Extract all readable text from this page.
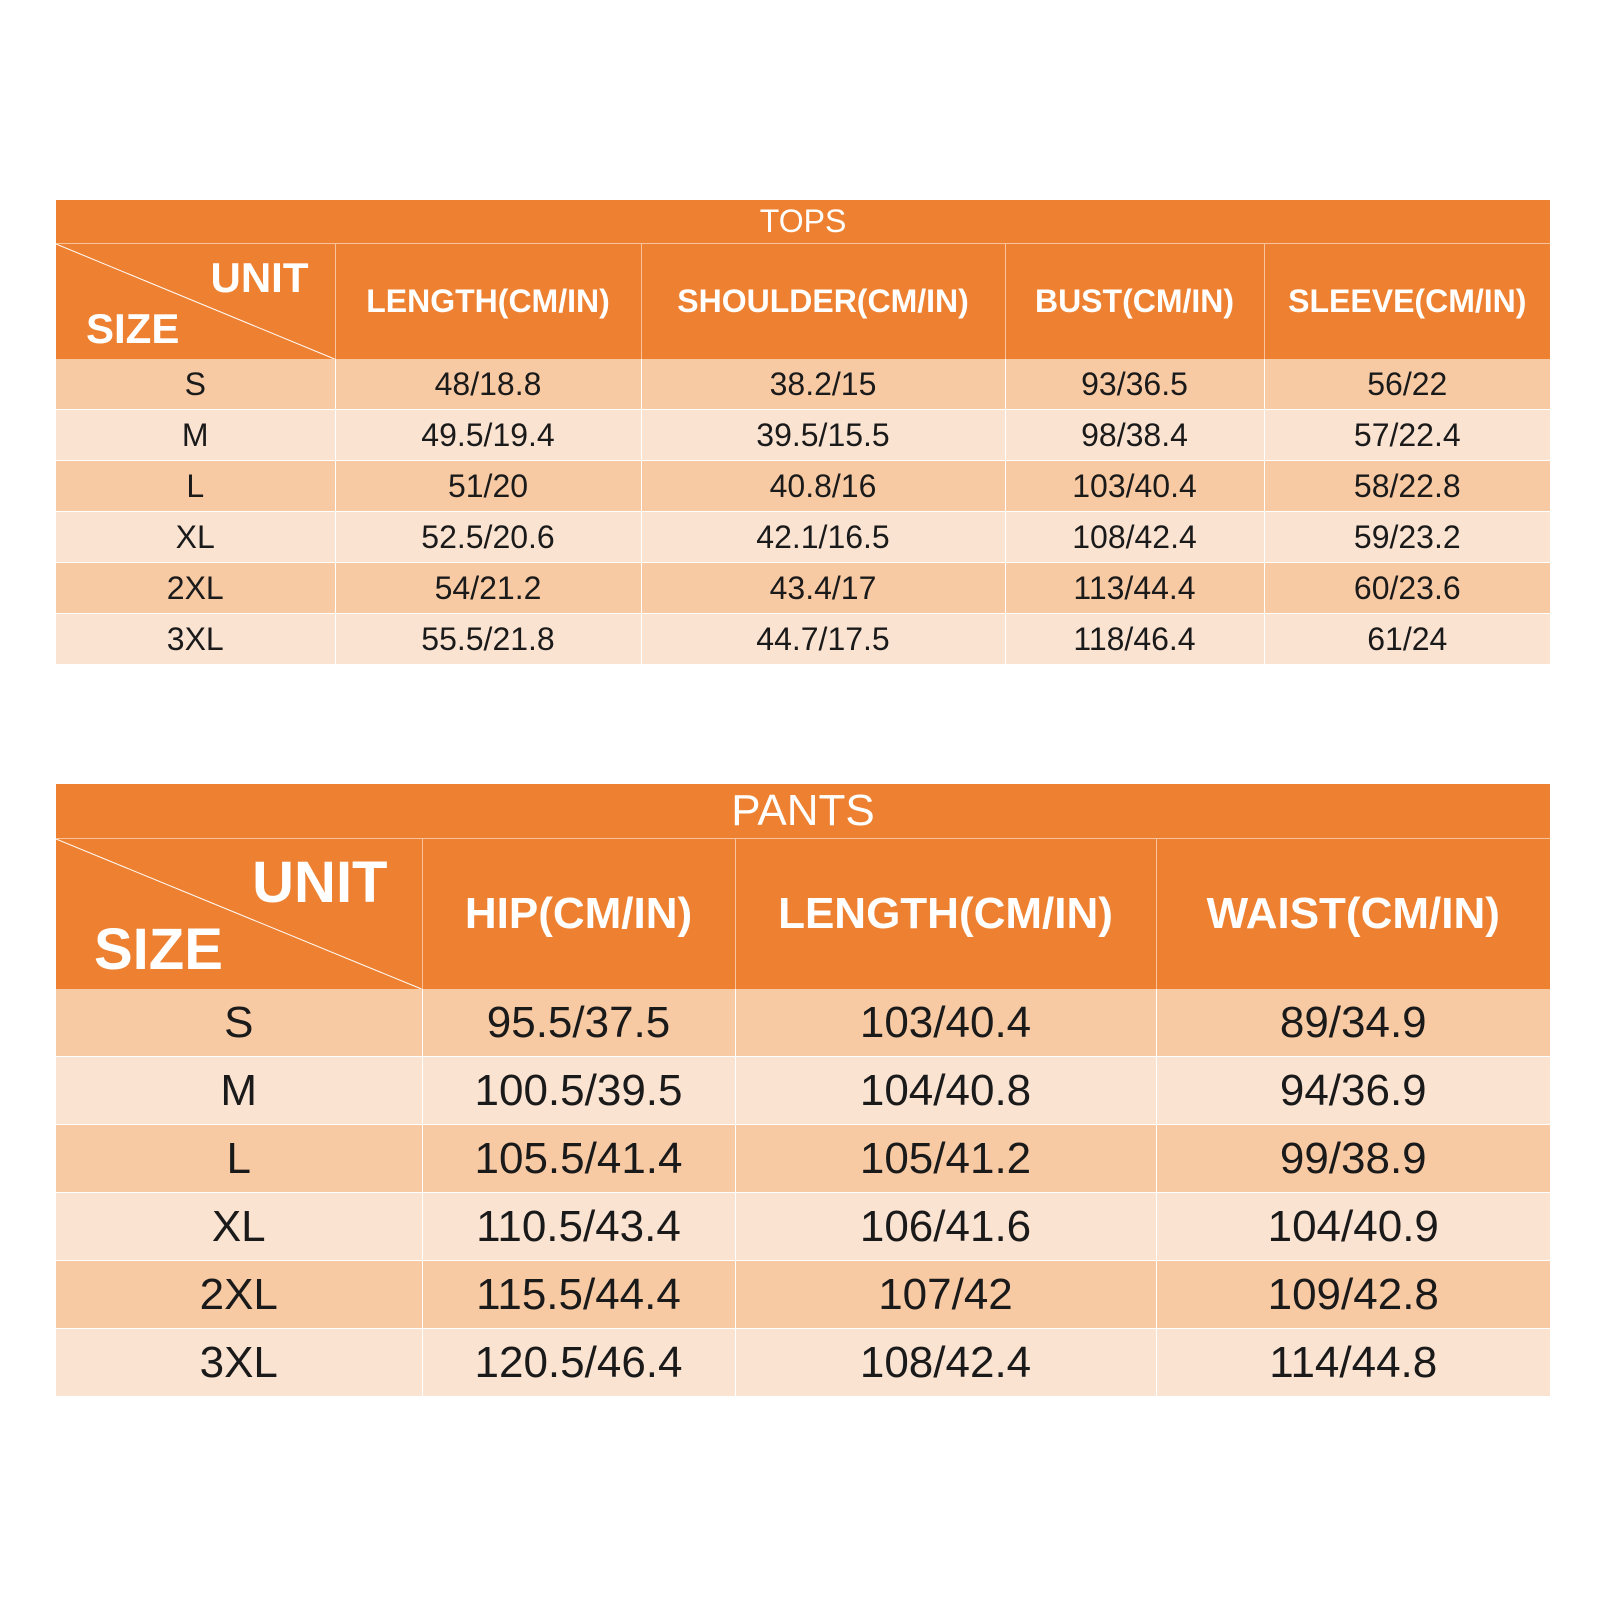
TOPS				

UNIT
SIZE	LENGTH(CM/IN)	SHOULDER(CM/IN)	BUST(CM/IN)	SLEEVE(CM/IN)
S	48/18.8	38.2/15	93/36.5	56/22
M	49.5/19.4	39.5/15.5	98/38.4	57/22.4
L	51/20	40.8/16	103/40.4	58/22.8
XL	52.5/20.6	42.1/16.5	108/42.4	59/23.2
2XL	54/21.2	43.4/17	113/44.4	60/23.6
3XL	55.5/21.8	44.7/17.5	118/46.4	61/24
PANTS			

UNIT
SIZE	HIP(CM/IN)	LENGTH(CM/IN)	WAIST(CM/IN)
S	95.5/37.5	103/40.4	89/34.9
M	100.5/39.5	104/40.8	94/36.9
L	105.5/41.4	105/41.2	99/38.9
XL	110.5/43.4	106/41.6	104/40.9
2XL	115.5/44.4	107/42	109/42.8
3XL	120.5/46.4	108/42.4	114/44.8
